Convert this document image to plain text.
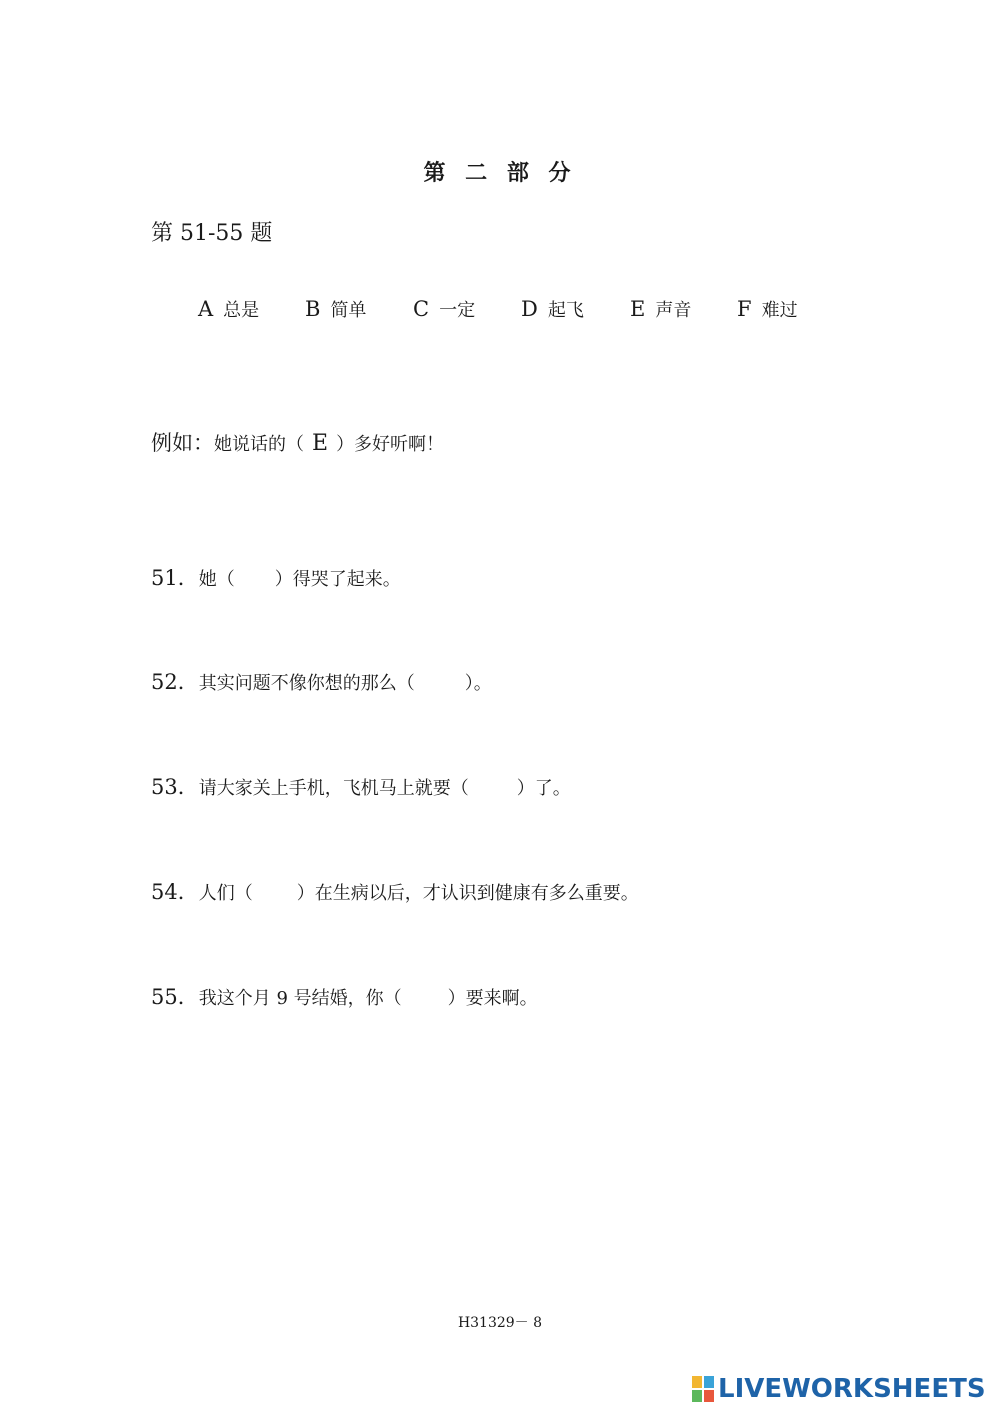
第 二 部 分
第 51-55 题
A 总是 B 简单 C 一定 D 起飞 E 声音 F 难过
例如：她说话的（ E ）多好听啊！
51．她（ ）得哭了起来。
52．其实问题不像你想的那么（	）。
53．请大家关上手机，飞机马上就要（	）了。
54．人们（ ）在生病以后，才认识到健康有多么重要。
55．我这个月 9 号结婚，你（	）要来啊。
H31329－ 8
LIVEWORKSHEETS
